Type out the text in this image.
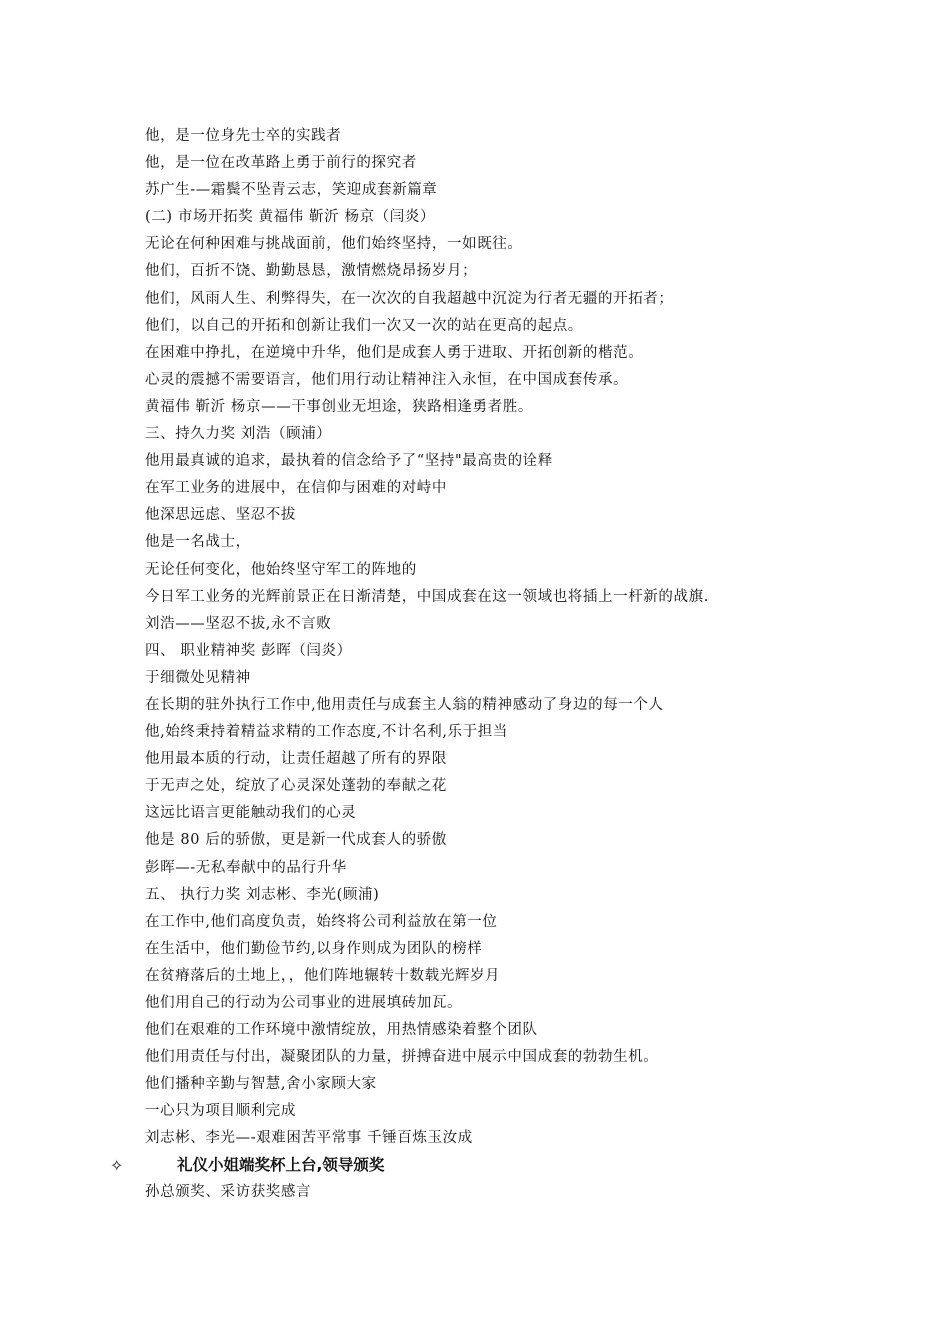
他，是一位身先士卒的实践者
他，是一位在改革路上勇于前行的探究者
苏广生-—霜鬓不坠青云志，笑迎成套新篇章
(二) 市场开拓奖 黄福伟 靳沂 杨京（闫炎）
无论在何种困难与挑战面前，他们始终坚持，一如既往。
他们，百折不饶、勤勤恳恳，激情燃烧昂扬岁月；
他们，风雨人生、利弊得失，在一次次的自我超越中沉淀为行者无疆的开拓者；
他们，以自己的开拓和创新让我们一次又一次的站在更高的起点。
在困难中挣扎，在逆境中升华，他们是成套人勇于进取、开拓创新的楷范。
心灵的震撼不需要语言，他们用行动让精神注入永恒，在中国成套传承。
黄福伟 靳沂 杨京——干事创业无坦途，狭路相逢勇者胜。
三、持久力奖 刘浩（顾浦）
他用最真诚的追求，最执着的信念给予了“坚持"最高贵的诠释
在军工业务的进展中，在信仰与困难的对峙中
他深思远虑、坚忍不拔
他是一名战士，
无论任何变化，他始终坚守军工的阵地的
今日军工业务的光辉前景正在日渐清楚，中国成套在这一领域也将插上一杆新的战旗.
刘浩——坚忍不拔,永不言败
四、 职业精神奖 彭晖（闫炎）
于细微处见精神
在长期的驻外执行工作中,他用责任与成套主人翁的精神感动了身边的每一个人
他,始终秉持着精益求精的工作态度,不计名利,乐于担当
他用最本质的行动，让责任超越了所有的界限
于无声之处，绽放了心灵深处蓬勃的奉献之花
这远比语言更能触动我们的心灵
他是 80 后的骄傲，更是新一代成套人的骄傲
彭晖—-无私奉献中的品行升华
五、 执行力奖 刘志彬、李光(顾浦)
在工作中,他们高度负责，始终将公司利益放在第一位
在生活中，他们勤俭节约,以身作则成为团队的榜样
在贫瘠落后的土地上，，他们阵地辗转十数载光辉岁月
他们用自己的行动为公司事业的进展填砖加瓦。
他们在艰难的工作环境中激情绽放，用热情感染着整个团队
他们用责任与付出，凝聚团队的力量，拼搏奋进中展示中国成套的勃勃生机。
他们播种辛勤与智慧,舍小家顾大家
一心只为项目顺利完成
刘志彬、李光—-艰难困苦平常事 千锤百炼玉汝成
✧	礼仪小姐端奖杯上台,领导颁奖
孙总颁奖、采访获奖感言
